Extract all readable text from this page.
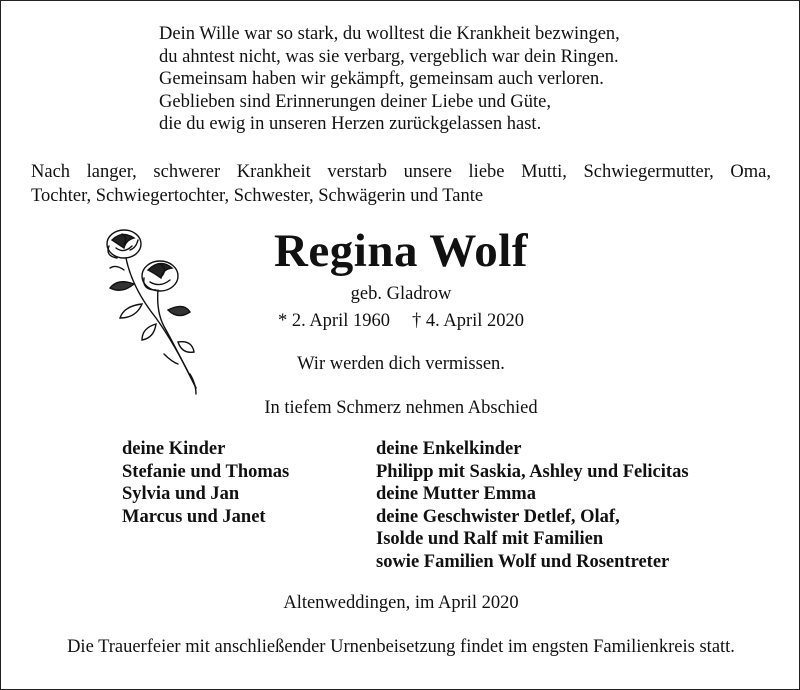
Dein Wille war so stark, du wolltest die Krankheit bezwingen,
du ahntest nicht, was sie verbarg, vergeblich war dein Ringen.
Gemeinsam haben wir gekämpft, gemeinsam auch verloren.
Geblieben sind Erinnerungen deiner Liebe und Güte,
die du ewig in unseren Herzen zurückgelassen hast.
Nach langer, schwerer Krankheit verstarb unsere liebe Mutti, Schwiegermutter, Oma,
Tochter, Schwiegertochter, Schwester, Schwägerin und Tante
Regina Wolf
geb. Gladrow
* 2. April 1960 † 4. April 2020
Wir werden dich vermissen.
In tiefem Schmerz nehmen Abschied
deine Kinder
Stefanie und Thomas
Sylvia und Jan
Marcus und Janet
deine Enkelkinder
Philipp mit Saskia, Ashley und Felicitas
deine Mutter Emma
deine Geschwister Detlef, Olaf,
Isolde und Ralf mit Familien
sowie Familien Wolf und Rosentreter
Altenweddingen, im April 2020
Die Trauerfeier mit anschließender Urnenbeisetzung findet im engsten Familienkreis statt.
